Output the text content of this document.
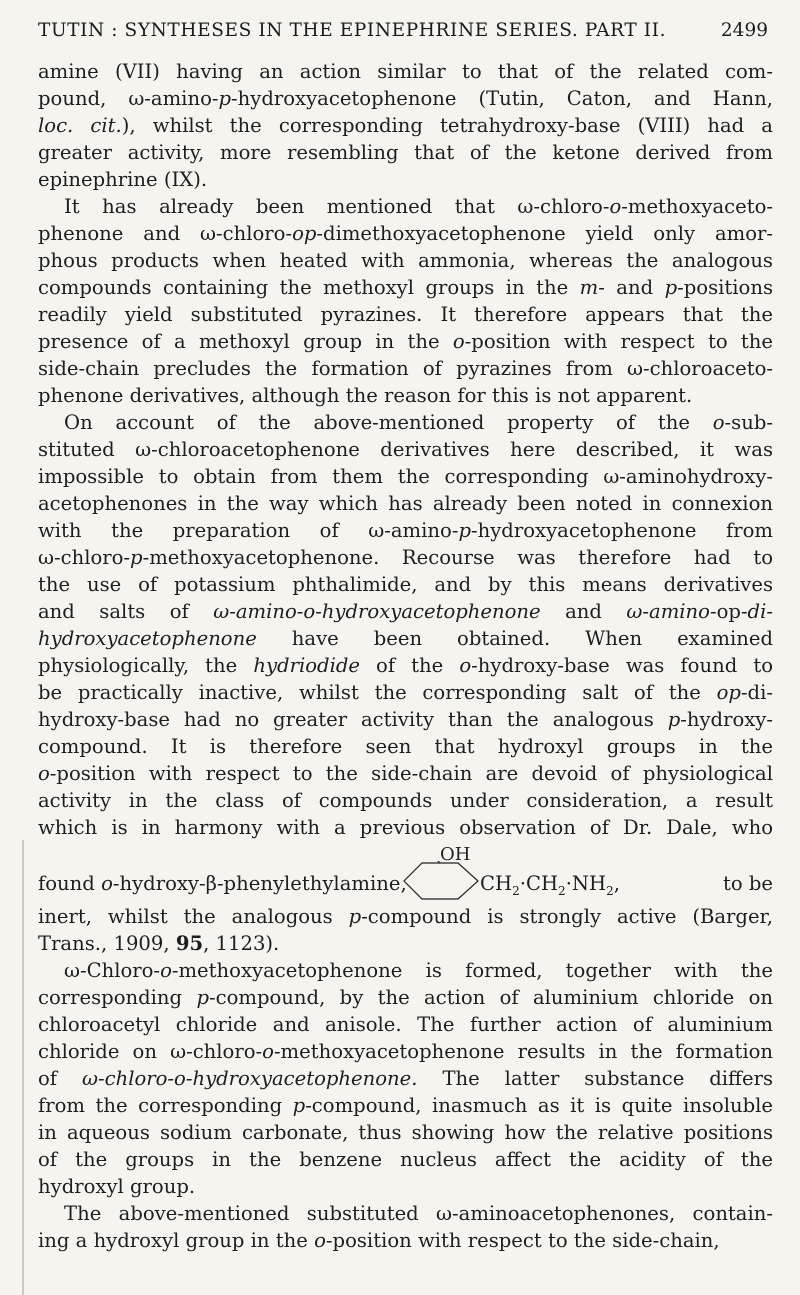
TUTIN : SYNTHESES IN THE EPINEPHRINE SERIES. PART II.	2499
amine (VII) having an action similar to that of the related com-
pound, ω-amino-p-hydroxyacetophenone (Tutin, Caton, and Hann,
loc. cit.), whilst the corresponding tetrahydroxy-base (VIII) had a
greater activity, more resembling that of the ketone derived from
epinephrine (IX).
It has already been mentioned that ω-chloro-o-methoxyaceto-
phenone and ω-chloro-op-dimethoxyacetophenone yield only amor-
phous products when heated with ammonia, whereas the analogous
compounds containing the methoxyl groups in the m- and p-positions
readily yield substituted pyrazines. It therefore appears that the
presence of a methoxyl group in the o-position with respect to the
side-chain precludes the formation of pyrazines from ω-chloroaceto-
phenone derivatives, although the reason for this is not apparent.
On account of the above-mentioned property of the o-sub-
stituted ω-chloroacetophenone derivatives here described, it was
impossible to obtain from them the corresponding ω-aminohydroxy-
acetophenones in the way which has already been noted in connexion
with the preparation of ω-amino-p-hydroxyacetophenone from
ω-chloro-p-methoxyacetophenone. Recourse was therefore had to
the use of potassium phthalimide, and by this means derivatives
and salts of ω-amino-o-hydroxyacetophenone and ω-amino-op-di-
hydroxyacetophenone have been obtained. When examined
physiologically, the hydriodide of the o-hydroxy-base was found to
be practically inactive, whilst the corresponding salt of the op-di-
hydroxy-base had no greater activity than the analogous p-hydroxy-
compound. It is therefore seen that hydroxyl groups in the
o-position with respect to the side-chain are devoid of physiological
activity in the class of compounds under consideration, a result
which is in harmony with a previous observation of Dr. Dale, who
OH
found o-hydroxy-β-phenylethylamine,	$CH_2\cdot CH_2\cdot NH_2$,	to be
inert, whilst the analogous p-compound is strongly active (Barger,
Trans., 1909, 95, 1123).
ω-Chloro-o-methoxyacetophenone is formed, together with the
corresponding p-compound, by the action of aluminium chloride on
chloroacetyl chloride and anisole. The further action of aluminium
chloride on ω-chloro-o-methoxyacetophenone results in the formation
of ω-chloro-o-hydroxyacetophenone. The latter substance differs
from the corresponding p-compound, inasmuch as it is quite insoluble
in aqueous sodium carbonate, thus showing how the relative positions
of the groups in the benzene nucleus affect the acidity of the
hydroxyl group.
The above-mentioned substituted ω-aminoacetophenones, contain-
ing a hydroxyl group in the o-position with respect to the side-chain,
